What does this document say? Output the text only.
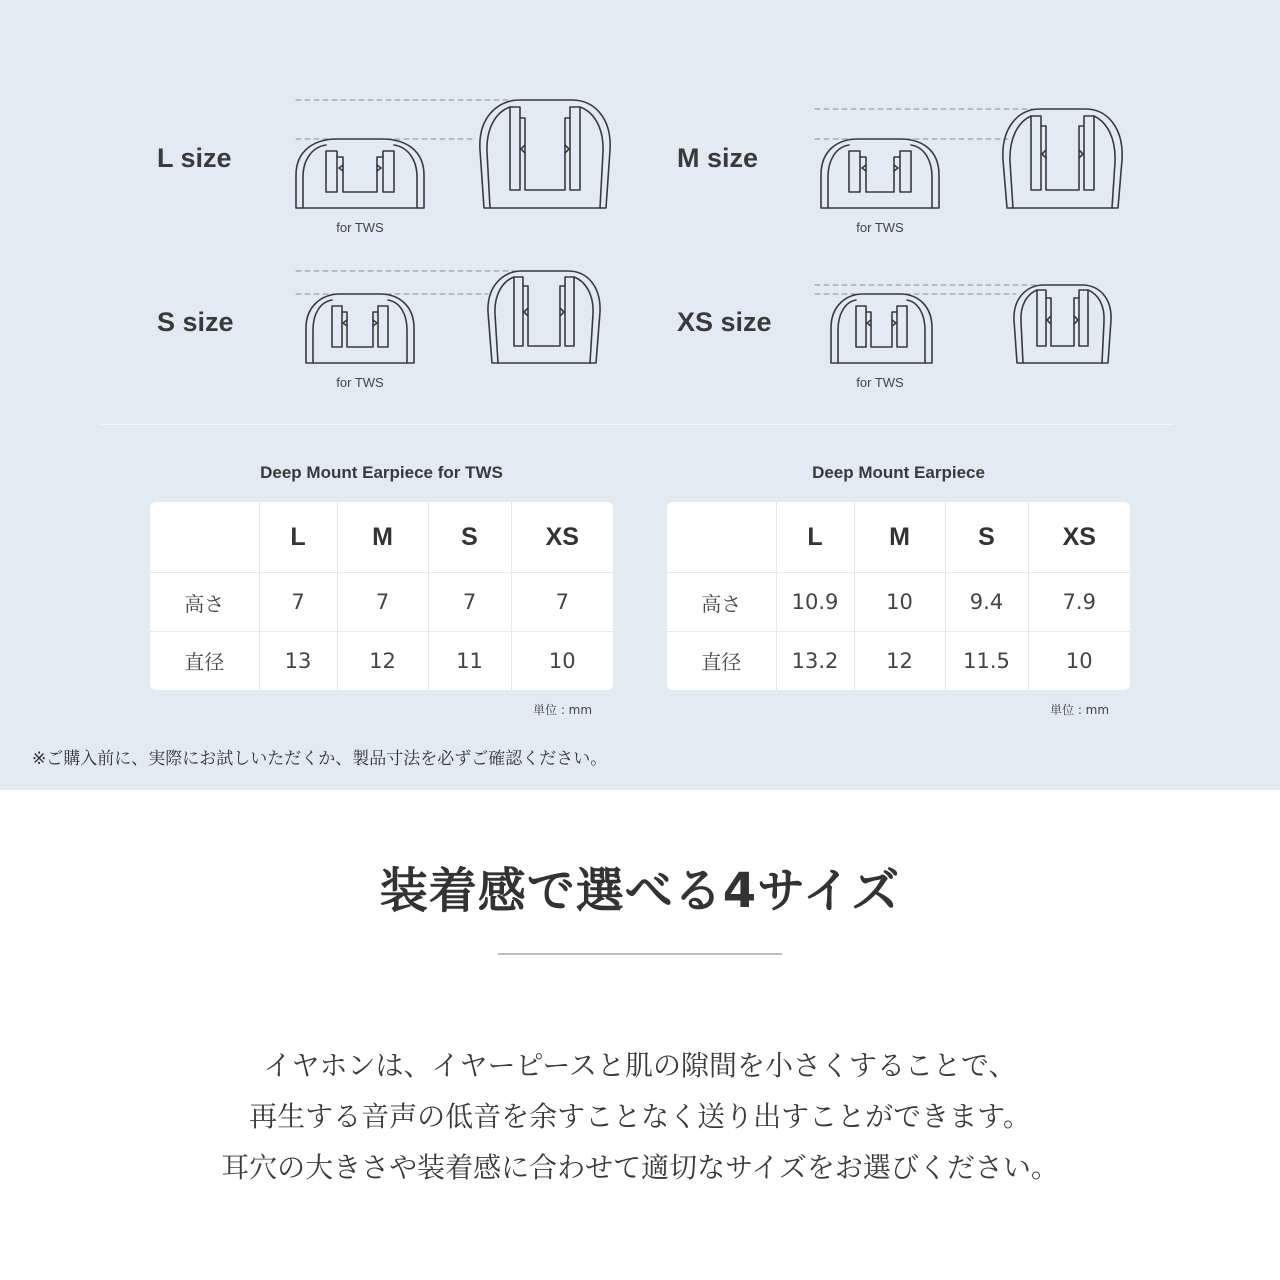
L size	M size
S size	XS size
for TWS	for TWS
for TWS	for TWS
Deep Mount Earpiece for TWS	Deep Mount Earpiece
	L	M	S	XS
高さ	7	7	7	7
直径	13	12	11	10
	L	M	S	XS
高さ	10.9	10	9.4	7.9
直径	13.2	12	11.5	10
単位 : mm	単位 : mm
※ご購入前に、実際にお試しいただくか、製品寸法を必ずご確認ください。
装着感で選べる4サイズ

イヤホンは、イヤーピースと肌の隙間を小さくすることで、

再生する音声の低音を余すことなく送り出すことができます。

耳穴の大きさや装着感に合わせて適切なサイズをお選びください。
